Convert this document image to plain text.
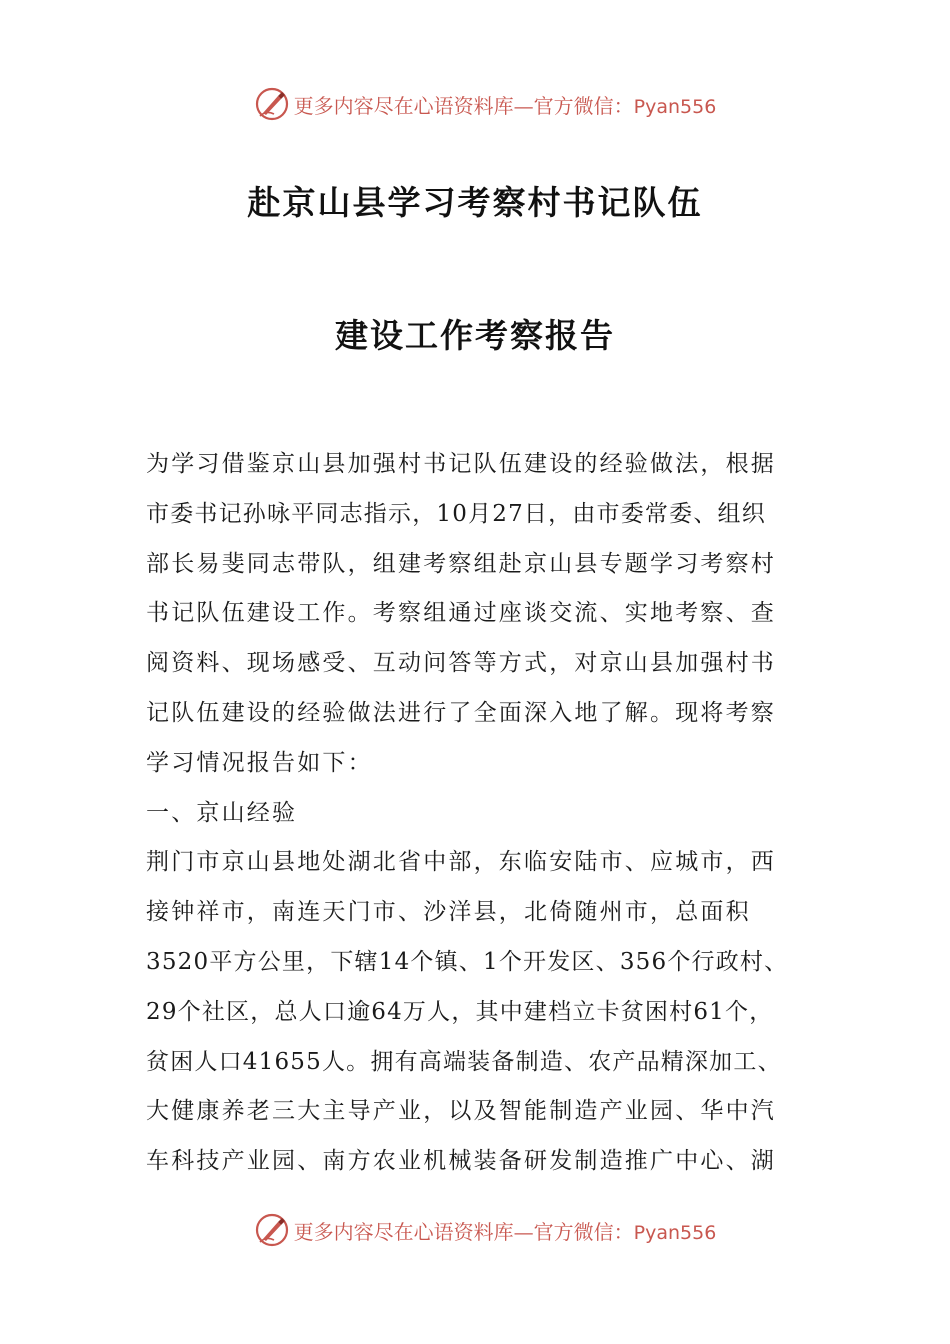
更多内容尽在心语资料库—官方微信：Pyan556
赴京山县学习考察村书记队伍
建设工作考察报告
为学习借鉴京山县加强村书记队伍建设的经验做法，根据
市委书记孙咏平同志指示，10月27日，由市委常委、组织
部长易斐同志带队，组建考察组赴京山县专题学习考察村
书记队伍建设工作。考察组通过座谈交流、实地考察、查
阅资料、现场感受、互动问答等方式，对京山县加强村书
记队伍建设的经验做法进行了全面深入地了解。现将考察
学习情况报告如下：
一、京山经验
荆门市京山县地处湖北省中部，东临安陆市、应城市，西
接钟祥市，南连天门市、沙洋县，北倚随州市，总面积
3520平方公里，下辖14个镇、1个开发区、356个行政村、
29个社区，总人口逾64万人，其中建档立卡贫困村61个，
贫困人口41655人。拥有高端装备制造、农产品精深加工、
大健康养老三大主导产业，以及智能制造产业园、华中汽
车科技产业园、南方农业机械装备研发制造推广中心、湖
更多内容尽在心语资料库—官方微信：Pyan556
